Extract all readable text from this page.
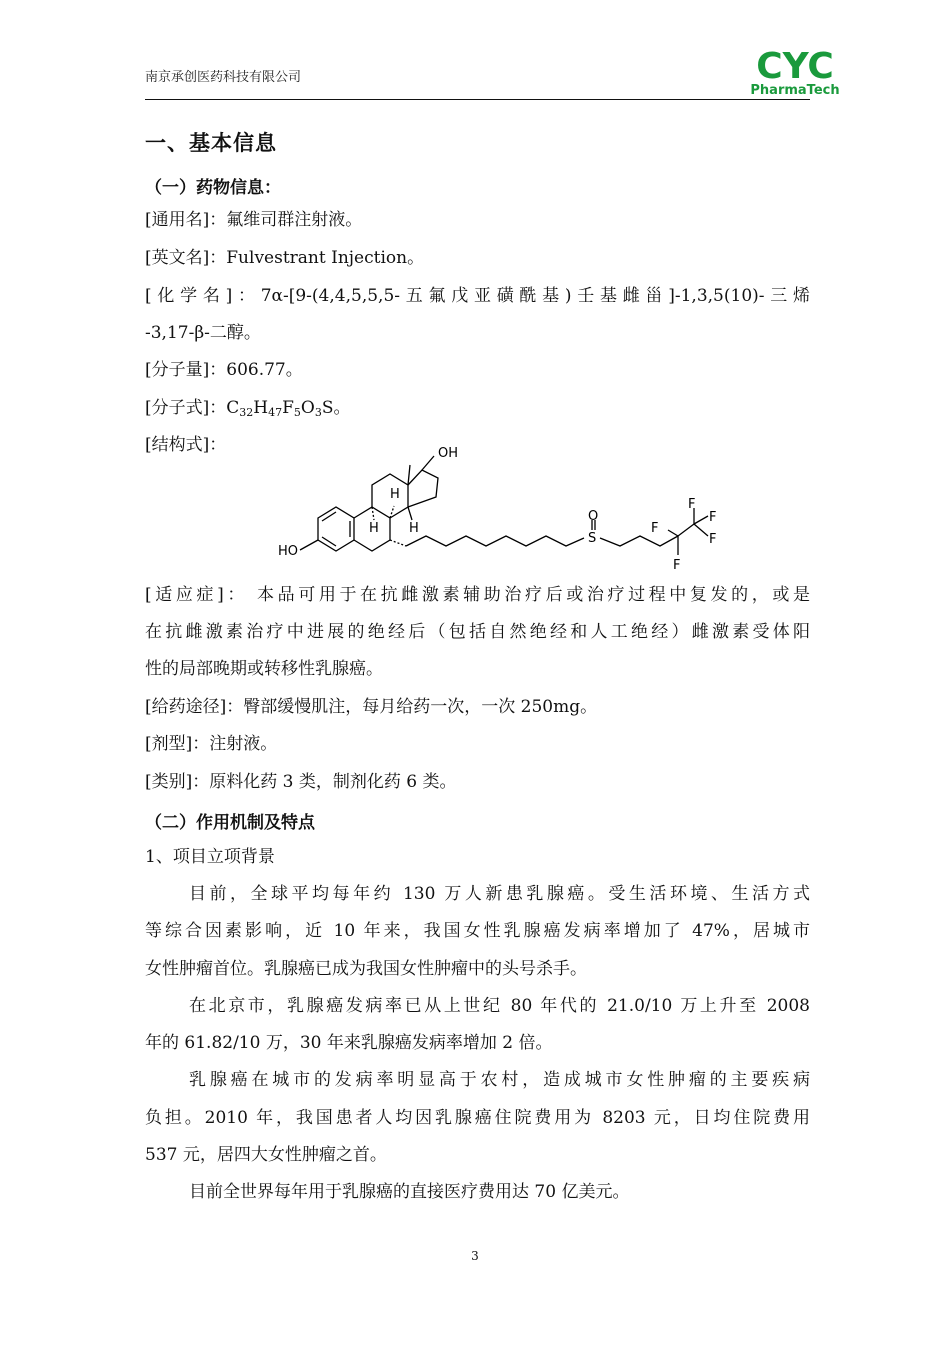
南京承创医药科技有限公司	CYC
PharmaTech
一、基本信息
（一）药物信息：
[通用名]：氟维司群注射液。
[英文名]：Fulvestrant Injection。
[化学名]：7α-[9-(4,4,5,5,5-五氟戊亚磺酰基)壬基雌甾]-1,3,5(10)-三烯
-3,17-β-二醇。
[分子量]：606.77。
[分子式]：$C_{32}H_{47}F_5O_3S$。
[结构式]：	OH
HO
H
H H
O
S
F
F
F
F
F
[适应症]： 本品可用于在抗雌激素辅助治疗后或治疗过程中复发的，或是
在抗雌激素治疗中进展的绝经后（包括自然绝经和人工绝经）雌激素受体阳
性的局部晚期或转移性乳腺癌。
[给药途径]：臀部缓慢肌注，每月给药一次，一次 250mg。
[剂型]：注射液。
[类别]：原料化药 3 类，制剂化药 6 类。
（二）作用机制及特点
1、项目立项背景
目前，全球平均每年约 130 万人新患乳腺癌。受生活环境、生活方式
等综合因素影响，近 10 年来，我国女性乳腺癌发病率增加了 47%，居城市
女性肿瘤首位。乳腺癌已成为我国女性肿瘤中的头号杀手。
在北京市，乳腺癌发病率已从上世纪 80 年代的 21.0/10 万上升至 2008
年的 61.82/10 万，30 年来乳腺癌发病率增加 2 倍。
乳腺癌在城市的发病率明显高于农村，造成城市女性肿瘤的主要疾病
负担。2010 年，我国患者人均因乳腺癌住院费用为 8203 元，日均住院费用
537 元，居四大女性肿瘤之首。
目前全世界每年用于乳腺癌的直接医疗费用达 70 亿美元。
3
